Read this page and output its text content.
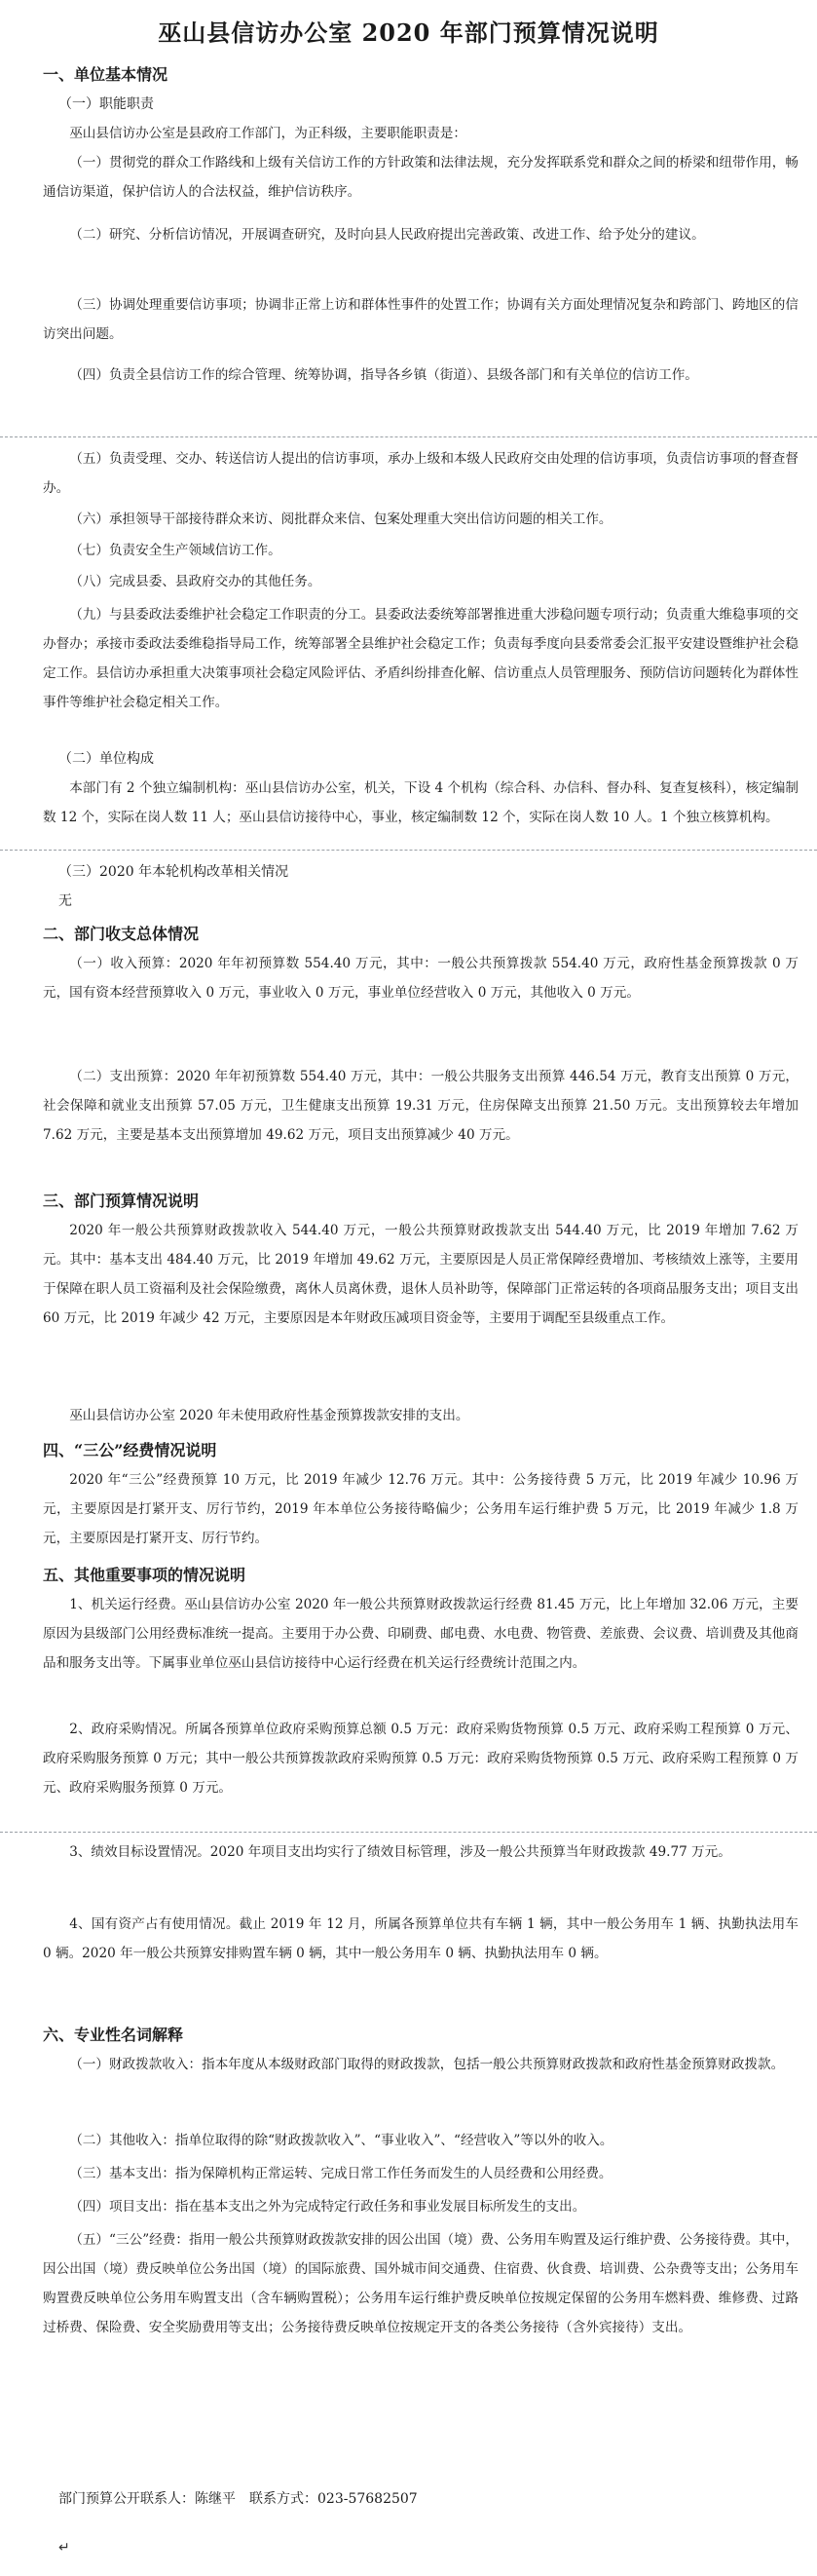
巫山县信访办公室 2020 年部门预算情况说明
一、单位基本情况
（一）职能职责
巫山县信访办公室是县政府工作部门，为正科级，主要职能职责是：
（一）贯彻党的群众工作路线和上级有关信访工作的方针政策和法律法规，充分发挥联系党和群众之间的桥梁和纽带作用，畅通信访渠道，保护信访人的合法权益，维护信访秩序。
（二）研究、分析信访情况，开展调查研究，及时向县人民政府提出完善政策、改进工作、给予处分的建议。
（三）协调处理重要信访事项；协调非正常上访和群体性事件的处置工作；协调有关方面处理情况复杂和跨部门、跨地区的信访突出问题。
（四）负责全县信访工作的综合管理、统筹协调，指导各乡镇（街道）、县级各部门和有关单位的信访工作。
（五）负责受理、交办、转送信访人提出的信访事项，承办上级和本级人民政府交由处理的信访事项，负责信访事项的督查督办。
（六）承担领导干部接待群众来访、阅批群众来信、包案处理重大突出信访问题的相关工作。
（七）负责安全生产领域信访工作。
（八）完成县委、县政府交办的其他任务。
（九）与县委政法委维护社会稳定工作职责的分工。县委政法委统筹部署推进重大涉稳问题专项行动；负责重大维稳事项的交办督办；承接市委政法委维稳指导局工作，统筹部署全县维护社会稳定工作；负责每季度向县委常委会汇报平安建设暨维护社会稳定工作。县信访办承担重大决策事项社会稳定风险评估、矛盾纠纷排查化解、信访重点人员管理服务、预防信访问题转化为群体性事件等维护社会稳定相关工作。
（二）单位构成
本部门有 2 个独立编制机构：巫山县信访办公室，机关，下设 4 个机构（综合科、办信科、督办科、复查复核科），核定编制数 12 个，实际在岗人数 11 人；巫山县信访接待中心，事业，核定编制数 12 个，实际在岗人数 10 人。1 个独立核算机构。
（三）2020 年本轮机构改革相关情况
无
二、部门收支总体情况
（一）收入预算：2020 年年初预算数 554.40 万元，其中：一般公共预算拨款 554.40 万元，政府性基金预算拨款 0 万元，国有资本经营预算收入 0 万元，事业收入 0 万元，事业单位经营收入 0 万元，其他收入 0 万元。
（二）支出预算：2020 年年初预算数 554.40 万元，其中：一般公共服务支出预算 446.54 万元，教育支出预算 0 万元，社会保障和就业支出预算 57.05 万元，卫生健康支出预算 19.31 万元，住房保障支出预算 21.50 万元。支出预算较去年增加 7.62 万元，主要是基本支出预算增加 49.62 万元，项目支出预算减少 40 万元。
三、部门预算情况说明
2020 年一般公共预算财政拨款收入 544.40 万元，一般公共预算财政拨款支出 544.40 万元，比 2019 年增加 7.62 万元。其中：基本支出 484.40 万元，比 2019 年增加 49.62 万元，主要原因是人员正常保障经费增加、考核绩效上涨等，主要用于保障在职人员工资福利及社会保险缴费，离休人员离休费，退休人员补助等，保障部门正常运转的各项商品服务支出；项目支出 60 万元，比 2019 年减少 42 万元，主要原因是本年财政压减项目资金等，主要用于调配至县级重点工作。
巫山县信访办公室 2020 年未使用政府性基金预算拨款安排的支出。
四、“三公”经费情况说明
2020 年“三公”经费预算 10 万元，比 2019 年减少 12.76 万元。其中：公务接待费 5 万元，比 2019 年减少 10.96 万元，主要原因是打紧开支、厉行节约，2019 年本单位公务接待略偏少；公务用车运行维护费 5 万元，比 2019 年减少 1.8 万元，主要原因是打紧开支、厉行节约。
五、其他重要事项的情况说明
1、机关运行经费。巫山县信访办公室 2020 年一般公共预算财政拨款运行经费 81.45 万元，比上年增加 32.06 万元，主要原因为县级部门公用经费标准统一提高。主要用于办公费、印刷费、邮电费、水电费、物管费、差旅费、会议费、培训费及其他商品和服务支出等。下属事业单位巫山县信访接待中心运行经费在机关运行经费统计范围之内。
2、政府采购情况。所属各预算单位政府采购预算总额 0.5 万元：政府采购货物预算 0.5 万元、政府采购工程预算 0 万元、政府采购服务预算 0 万元；其中一般公共预算拨款政府采购预算 0.5 万元：政府采购货物预算 0.5 万元、政府采购工程预算 0 万元、政府采购服务预算 0 万元。
3、绩效目标设置情况。2020 年项目支出均实行了绩效目标管理，涉及一般公共预算当年财政拨款 49.77 万元。
4、国有资产占有使用情况。截止 2019 年 12 月，所属各预算单位共有车辆 1 辆，其中一般公务用车 1 辆、执勤执法用车 0 辆。2020 年一般公共预算安排购置车辆 0 辆，其中一般公务用车 0 辆、执勤执法用车 0 辆。
六、专业性名词解释
（一）财政拨款收入：指本年度从本级财政部门取得的财政拨款，包括一般公共预算财政拨款和政府性基金预算财政拨款。
（二）其他收入：指单位取得的除“财政拨款收入”、“事业收入”、“经营收入”等以外的收入。
（三）基本支出：指为保障机构正常运转、完成日常工作任务而发生的人员经费和公用经费。
（四）项目支出：指在基本支出之外为完成特定行政任务和事业发展目标所发生的支出。
（五）“三公”经费：指用一般公共预算财政拨款安排的因公出国（境）费、公务用车购置及运行维护费、公务接待费。其中，因公出国（境）费反映单位公务出国（境）的国际旅费、国外城市间交通费、住宿费、伙食费、培训费、公杂费等支出；公务用车购置费反映单位公务用车购置支出（含车辆购置税）；公务用车运行维护费反映单位按规定保留的公务用车燃料费、维修费、过路过桥费、保险费、安全奖励费用等支出；公务接待费反映单位按规定开支的各类公务接待（含外宾接待）支出。
部门预算公开联系人：陈继平　联系方式：023-57682507
↵
